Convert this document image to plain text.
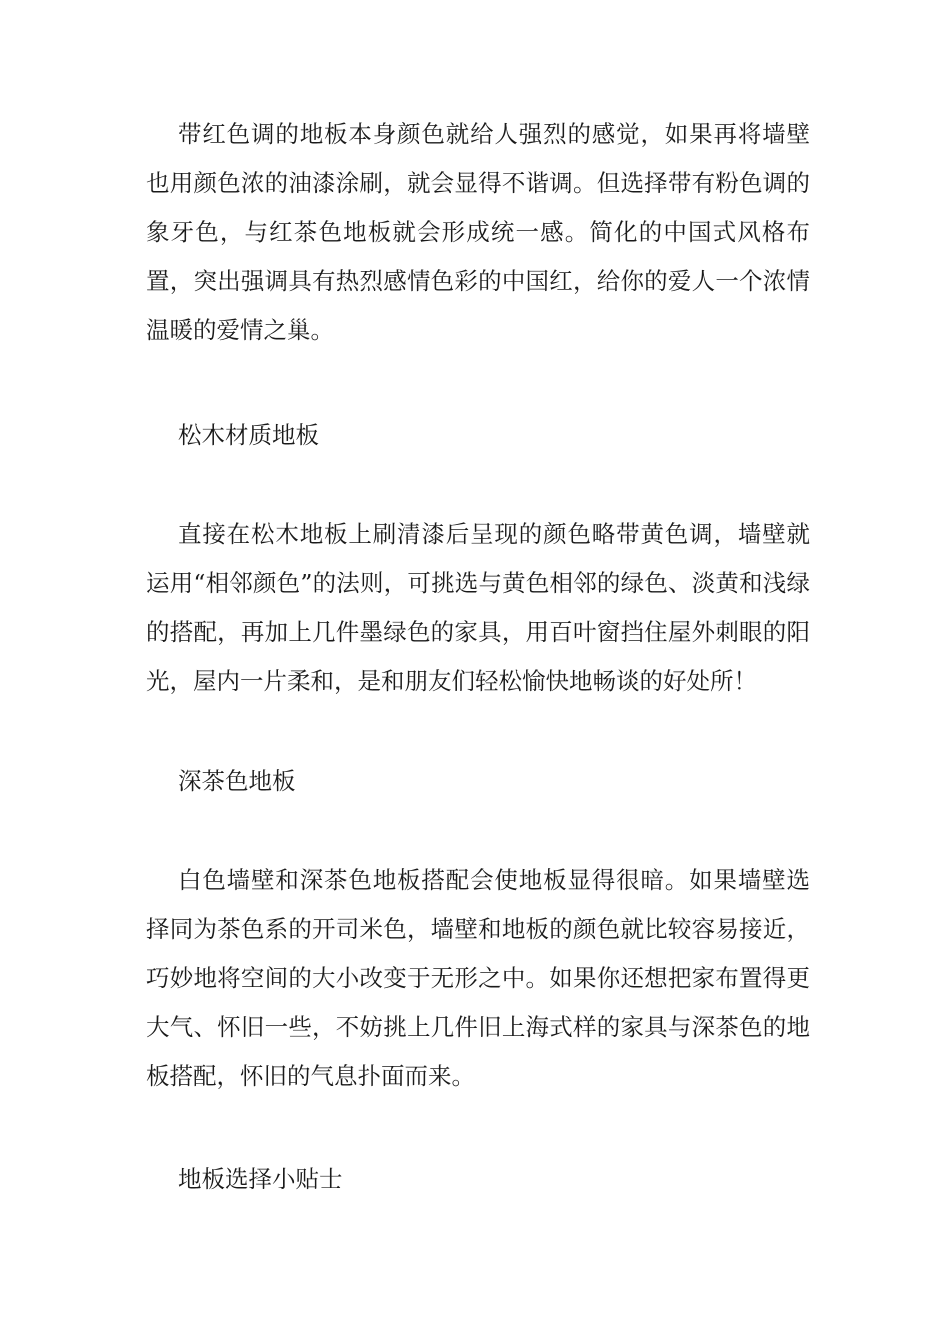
带红色调的地板本身颜色就给人强烈的感觉，如果再将墙壁也用颜色浓的油漆涂刷，就会显得不谐调。但选择带有粉色调的象牙色，与红茶色地板就会形成统一感。简化的中国式风格布置，突出强调具有热烈感情色彩的中国红，给你的爱人一个浓情温暖的爱情之巢。

松木材质地板

直接在松木地板上刷清漆后呈现的颜色略带黄色调，墙壁就运用“相邻颜色”的法则，可挑选与黄色相邻的绿色、淡黄和浅绿的搭配，再加上几件墨绿色的家具，用百叶窗挡住屋外刺眼的阳光，屋内一片柔和，是和朋友们轻松愉快地畅谈的好处所！

深茶色地板

白色墙壁和深茶色地板搭配会使地板显得很暗。如果墙壁选择同为茶色系的开司米色，墙壁和地板的颜色就比较容易接近，巧妙地将空间的大小改变于无形之中。如果你还想把家布置得更大气、怀旧一些，不妨挑上几件旧上海式样的家具与深茶色的地板搭配，怀旧的气息扑面而来。

地板选择小贴士
